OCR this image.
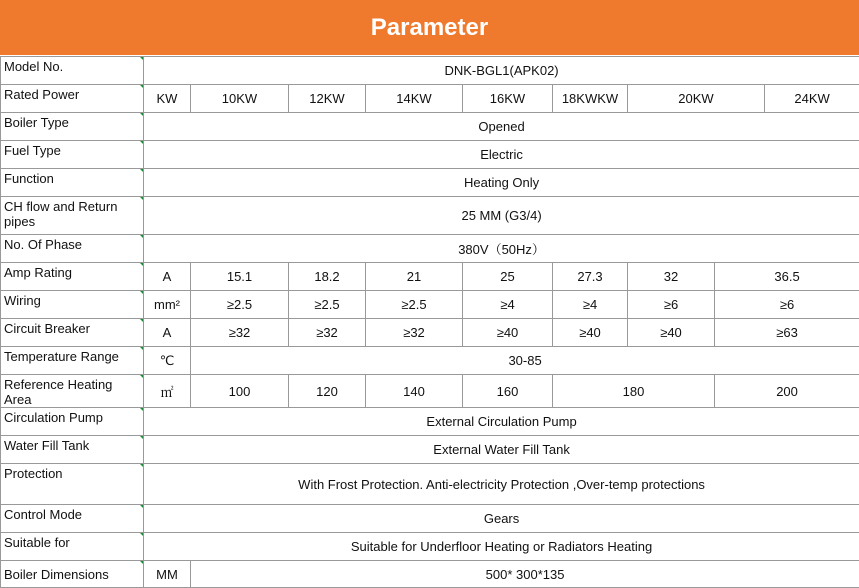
Parameter
Model No.	DNK-BGL1(APK02)									
Rated Power	KW	10KW	12KW	14KW	16KW	18KWKW	20KW		24KW	
Boiler Type	Opened									
Fuel Type	Electric									
Function	Heating Only									
CH flow and Return pipes	25 MM (G3/4)									
No. Of Phase	380V（50Hz）									
Amp Rating	A	15.1	18.2	21	25	27.3	32	36.5		
Wiring	mm²	≥2.5	≥2.5	≥2.5	≥4	≥4	≥6	≥6		
Circuit Breaker	A	≥32	≥32	≥32	≥40	≥40	≥40	≥63		
Temperature Range	℃	30-85								
Reference Heating Area	㎡	100	120	140	160	180		200	
Circulation Pump	External Circulation Pump									
Water Fill Tank	External Water Fill Tank									
Protection	With Frost Protection. Anti-electricity Protection ,Over-temp protections									
Control Mode	Gears									
Suitable for	Suitable for Underfloor Heating or Radiators Heating									
Boiler Dimensions	MM	500* 300*135								
